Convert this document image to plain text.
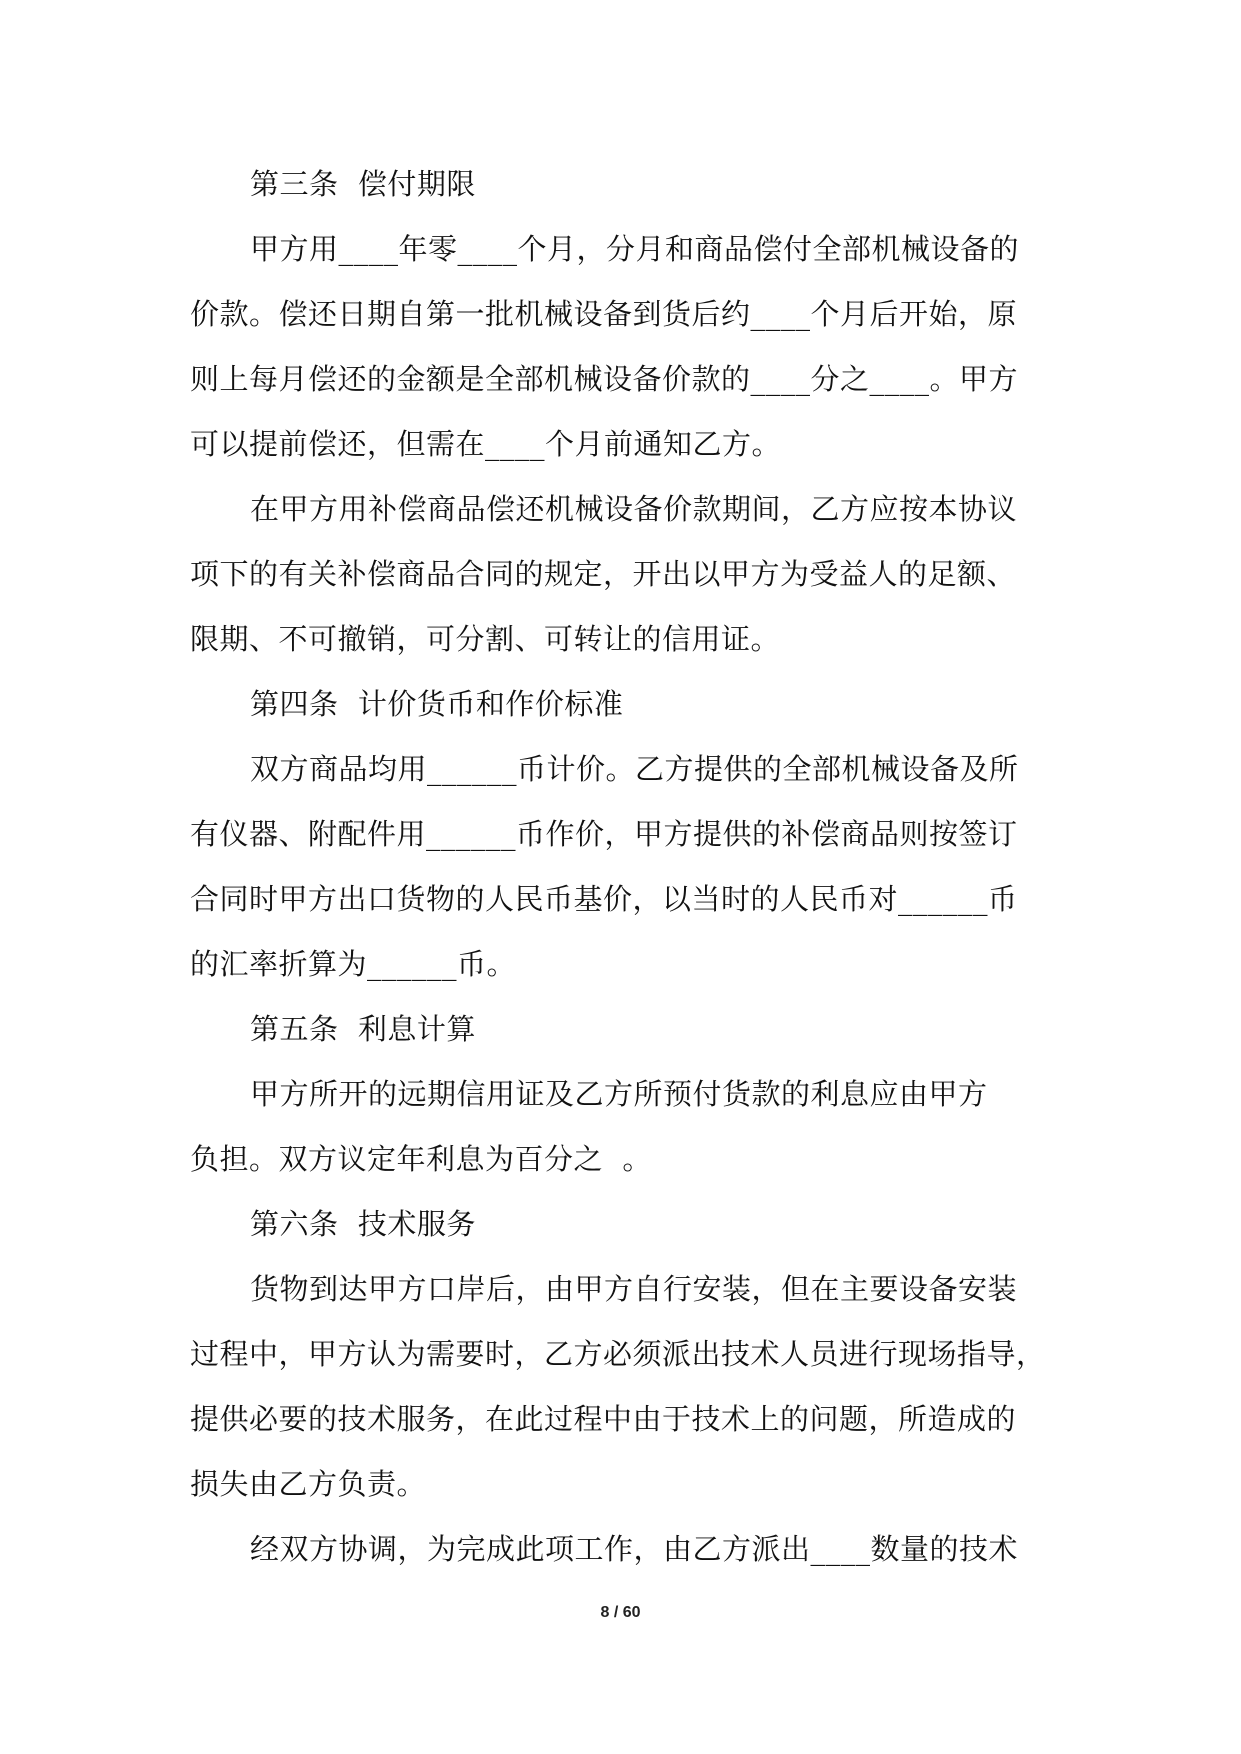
第三条  偿付期限
甲方用____年零____个月，分月和商品偿付全部机械设备的
价款。偿还日期自第一批机械设备到货后约____个月后开始，原
则上每月偿还的金额是全部机械设备价款的____分之____。甲方
可以提前偿还，但需在____个月前通知乙方。
在甲方用补偿商品偿还机械设备价款期间，乙方应按本协议
项下的有关补偿商品合同的规定，开出以甲方为受益人的足额、
限期、不可撤销，可分割、可转让的信用证。
第四条  计价货币和作价标准
双方商品均用______币计价。乙方提供的全部机械设备及所
有仪器、附配件用______币作价，甲方提供的补偿商品则按签订
合同时甲方出口货物的人民币基价，以当时的人民币对______币
的汇率折算为______币。
第五条  利息计算
甲方所开的远期信用证及乙方所预付货款的利息应由甲方
负担。双方议定年利息为百分之  。
第六条  技术服务
货物到达甲方口岸后，由甲方自行安装，但在主要设备安装
过程中，甲方认为需要时，乙方必须派出技术人员进行现场指导，
提供必要的技术服务，在此过程中由于技术上的问题，所造成的
损失由乙方负责。
经双方协调，为完成此项工作，由乙方派出____数量的技术
8 / 60
